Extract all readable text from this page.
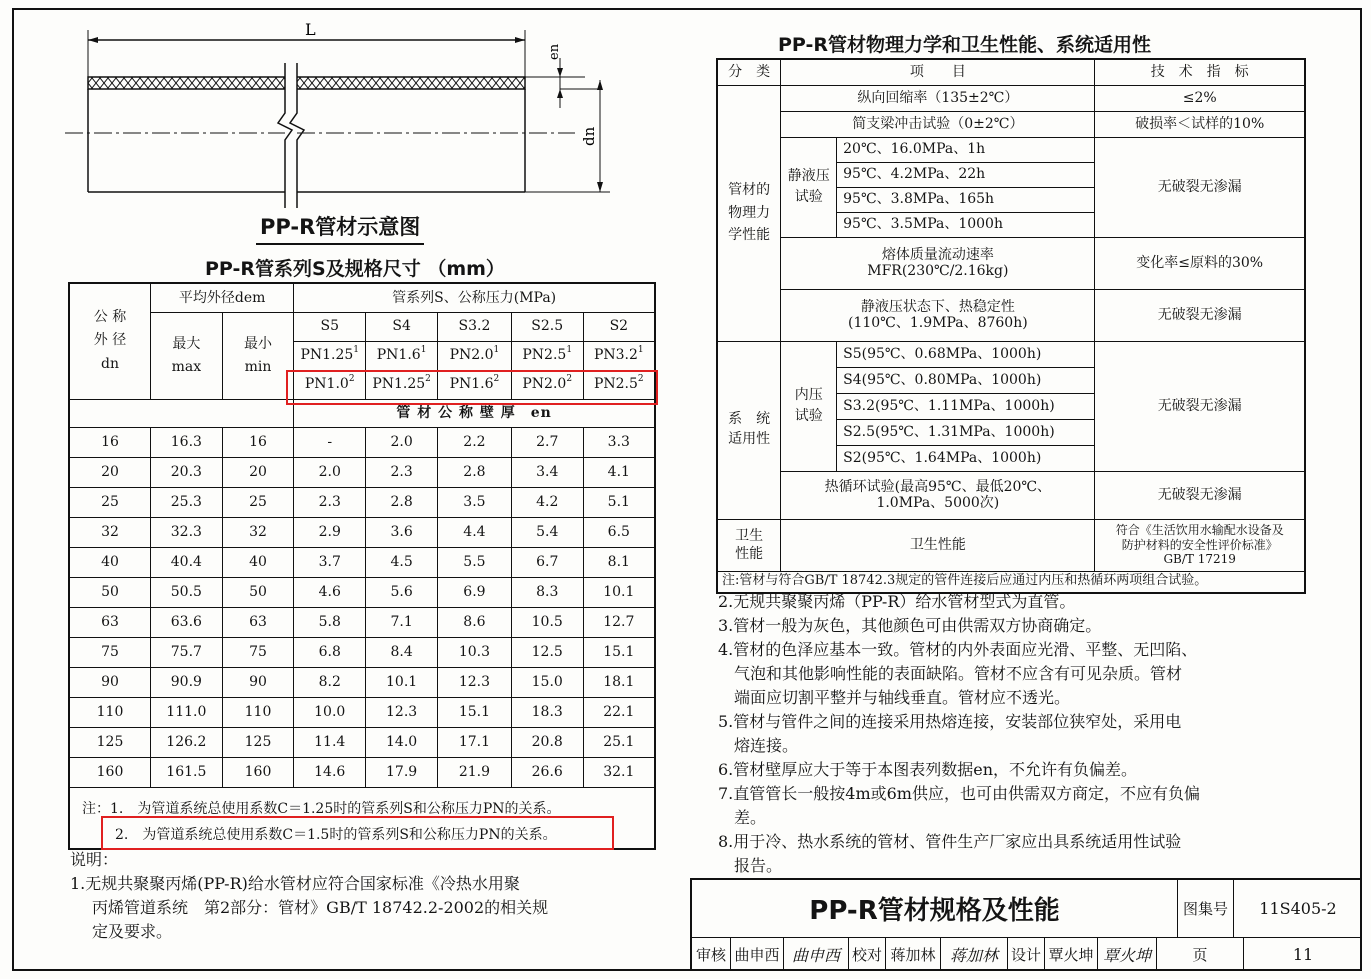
L
en
dn
PP-R管材示意图
PP-R管系列S及规格尺寸 （mm）
公 称
外 径
dn	平均外径dem		管系列S、公称压力(MPa)				
	最大
max	最小
min	S5	S4	S3.2	S2.5	S2
			PN1.25$^1$	$PN1.6^1$	$PN2.0^1$	$PN2.5^1$	$PN3.2^1$
			$PN1.0^2$	PN1.25$^2$	$PN1.6^2$	$PN2.0^2$	$PN2.5^2$
			管 材 公 称 壁 厚　en				
16	16.3	16	-	2.0	2.2	2.7	3.3
20	20.3	20	2.0	2.3	2.8	3.4	4.1
25	25.3	25	2.3	2.8	3.5	4.2	5.1
32	32.3	32	2.9	3.6	4.4	5.4	6.5
40	40.4	40	3.7	4.5	5.5	6.7	8.1
50	50.5	50	4.6	5.6	6.9	8.3	10.1
63	63.6	63	5.8	7.1	8.6	10.5	12.7
75	75.7	75	6.8	8.4	10.3	12.5	15.1
90	90.9	90	8.2	10.1	12.3	15.0	18.1
110	111.0	110	10.0	12.3	15.1	18.3	22.1
125	126.2	125	11.4	14.0	17.1	20.8	25.1
160	161.5	160	14.6	17.9	21.9	26.6	32.1

注：1.　为管道系统总使用系数C＝1.25时的管系列S和公称压力PN的关系。
2.　为管道系统总使用系数C＝1.5时的管系列S和公称压力PN的关系。							
说明：
1.无规共聚聚丙烯(PP-R)给水管材应符合国家标准《冷热水用聚
丙烯管道系统　第2部分：管材》GB/T 18742.2-2002的相关规
定及要求。
PP-R管材物理力学和卫生性能、系统适用性
分　类	项　　目		技　术　指　标
管材的
物理力
学性能	纵向回缩率（135±2℃）		≤2%
	简支梁冲击试验（0±2℃）		破损率＜试样的10%
	静液压
试验	20℃、16.0MPa、1h	无破裂无渗漏
		95℃、4.2MPa、22h	
		95℃、3.8MPa、165h	
		95℃、3.5MPa、1000h	
	熔体质量流动速率
MFR(230℃/2.16kg)		变化率≤原料的30%
	静液压状态下、热稳定性
(110℃、1.9MPa、8760h)		无破裂无渗漏
系　统
适用性	内压
试验	S5(95℃、0.68MPa、1000h)	无破裂无渗漏
		S4(95℃、0.80MPa、1000h)	
		S3.2(95℃、1.11MPa、1000h)	
		S2.5(95℃、1.31MPa、1000h)	
		S2(95℃、1.64MPa、1000h)	
	热循环试验(最高95℃、最低20℃、
1.0MPa、5000次)		无破裂无渗漏
卫生
性能	卫生性能		符合《生活饮用水输配水设备及
防护材料的安全性评价标准》
GB/T 17219
注:管材与符合GB/T 18742.3规定的管件连接后应通过内压和热循环两项组合试验。			
2.无规共聚聚丙烯（PP-R）给水管材型式为直管。
3.管材一般为灰色，其他颜色可由供需双方协商确定。
4.管材的色泽应基本一致。管材的内外表面应光滑、平整、无凹陷、
　气泡和其他影响性能的表面缺陷。管材不应含有可见杂质。管材
　端面应切割平整并与轴线垂直。管材应不透光。
5.管材与管件之间的连接采用热熔连接，安装部位狭窄处，采用电
　熔连接。
6.管材壁厚应大于等于本图表列数据en，不允许有负偏差。
7.直管管长一般按4m或6m供应，也可由供需双方商定，不应有负偏
　差。
8.用于冷、热水系统的管材、管件生产厂家应出具系统适用性试验
　报告。
PP-R管材规格及性能	图集号	11S405-2
审核 曲申西 曲申西 校对 蒋加林 蒋加林 设计 覃火坤 覃火坤	页	11
